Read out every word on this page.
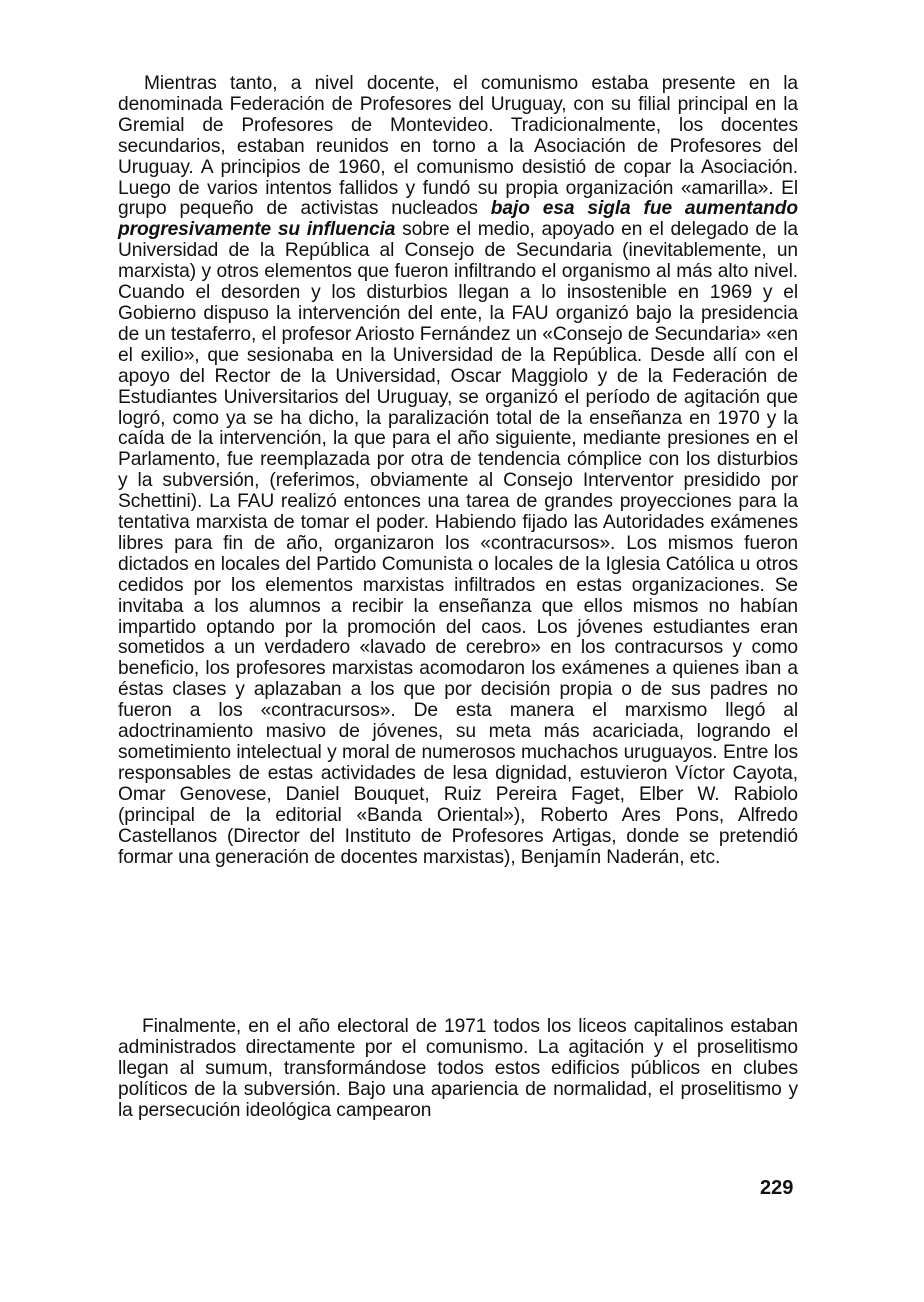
Mientras tanto, a nivel docente, el comunismo estaba presente en la denominada Federación de Profesores del Uruguay, con su filial principal en la Gremial de Profesores de Montevideo. Tradicionalmente, los docentes secundarios, estaban reunidos en torno a la Asociación de Profesores del Uruguay. A principios de 1960, el comunismo desistió de copar la Asociación. Luego de varios intentos fallidos y fundó su propia organización «amarilla». El grupo pequeño de activistas nucleados bajo esa sigla fue aumentando progresivamente su influencia sobre el medio, apoyado en el delegado de la Universidad de la República al Consejo de Secundaria (inevitablemente, un marxista) y otros elementos que fueron infiltrando el organismo al más alto nivel. Cuando el desorden y los disturbios llegan a lo insostenible en 1969 y el Gobierno dispuso la intervención del ente, la FAU organizó bajo la presidencia de un testaferro, el profesor Ariosto Fernández un «Consejo de Secundaria» «en el exilio», que sesionaba en la Universidad de la República. Desde allí con el apoyo del Rector de la Universidad, Oscar Maggiolo y de la Federación de Estudiantes Universitarios del Uruguay, se organizó el período de agitación que logró, como ya se ha dicho, la paralización total de la enseñanza en 1970 y la caída de la intervención, la que para el año siguiente, mediante presiones en el Parlamento, fue reemplazada por otra de tendencia cómplice con los disturbios y la subversión, (referimos, obviamente al Consejo Interventor presidido por Schettini). La FAU realizó entonces una tarea de grandes proyecciones para la tentativa marxista de tomar el poder. Habiendo fijado las Autoridades exámenes libres para fin de año, organizaron los «contracursos». Los mismos fueron dictados en locales del Partido Comunista o locales de la Iglesia Católica u otros cedidos por los elementos marxistas infiltrados en estas organizaciones. Se invitaba a los alumnos a recibir la enseñanza que ellos mismos no habían impartido optando por la promoción del caos. Los jóvenes estudiantes eran sometidos a un verdadero «lavado de cerebro» en los contracursos y como beneficio, los profesores marxistas acomodaron los exámenes a quienes iban a éstas clases y aplazaban a los que por decisión propia o de sus padres no fueron a los «contracursos». De esta manera el marxismo llegó al adoctrinamiento masivo de jóvenes, su meta más acariciada, logrando el sometimiento intelectual y moral de numerosos muchachos uruguayos. Entre los responsables de estas actividades de lesa dignidad, estuvieron Víctor Cayota, Omar Genovese, Daniel Bouquet, Ruiz Pereira Faget, Elber W. Rabiolo (principal de la editorial «Banda Oriental»), Roberto Ares Pons, Alfredo Castellanos (Director del Instituto de Profesores Artigas, donde se pretendió formar una generación de docentes marxistas), Benjamín Naderán, etc.

Finalmente, en el año electoral de 1971 todos los liceos capitalinos estaban administrados directamente por el comunismo. La agitación y el proselitismo llegan al sumum, transformándose todos estos edificios públicos en clubes políticos de la subversión. Bajo una apariencia de normalidad, el proselitismo y la persecución ideológica campearon

229
